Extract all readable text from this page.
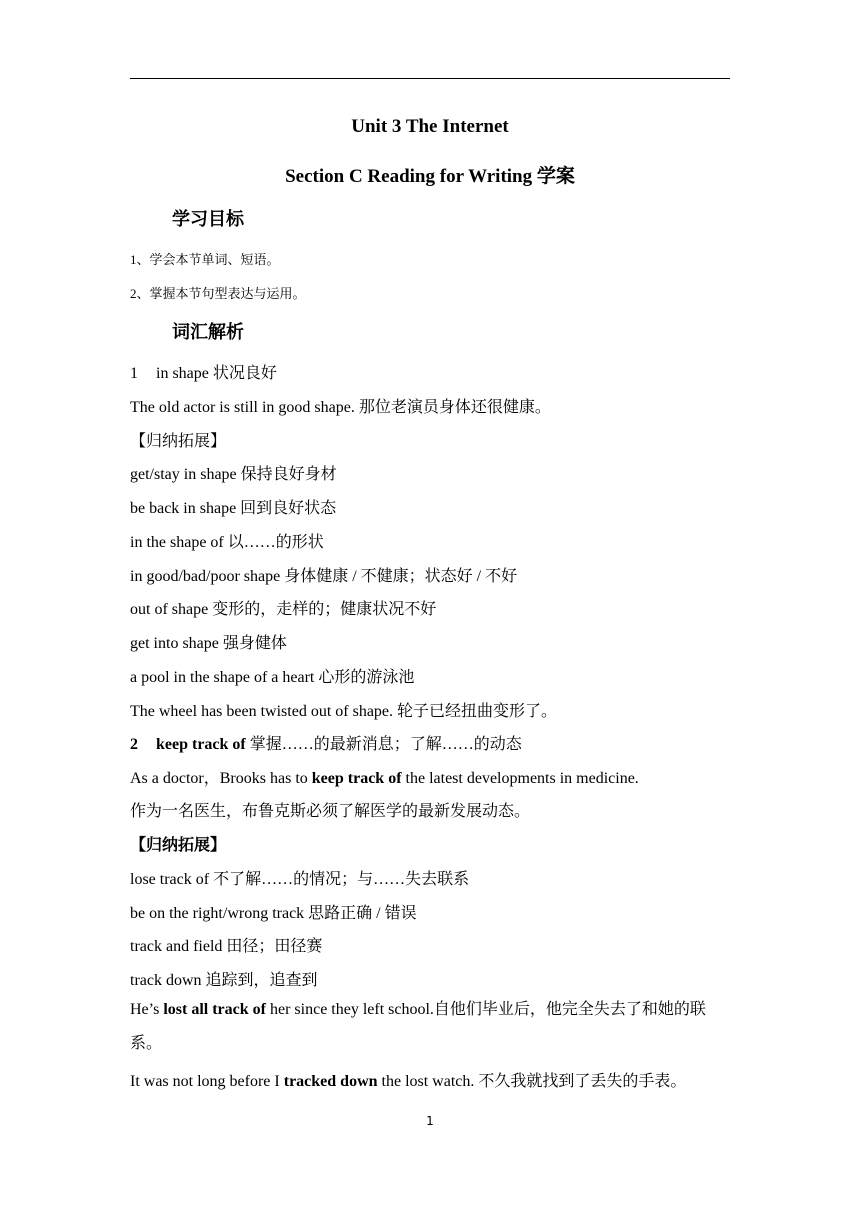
Unit 3 The Internet
Section C Reading for Writing 学案
学习目标
1、学会本节单词、短语。
2、掌握本节句型表达与运用。
词汇解析
1 in shape 状况良好
The old actor is still in good shape. 那位老演员身体还很健康。
【归纳拓展】
get/stay in shape 保持良好身材
be back in shape 回到良好状态
in the shape of 以……的形状
in good/bad/poor shape 身体健康 / 不健康；状态好 / 不好
out of shape 变形的，走样的；健康状况不好
get into shape 强身健体
a pool in the shape of a heart 心形的游泳池
The wheel has been twisted out of shape. 轮子已经扭曲变形了。
2 keep track of 掌握……的最新消息；了解……的动态
As a doctor，Brooks has to keep track of the latest developments in medicine.
作为一名医生，布鲁克斯必须了解医学的最新发展动态。
【归纳拓展】
lose track of 不了解……的情况；与……失去联系
be on the right/wrong track 思路正确 / 错误
track and field 田径；田径赛
track down 追踪到，追查到
He’s lost all track of her since they left school.自他们毕业后，他完全失去了和她的联系。
It was not long before I tracked down the lost watch. 不久我就找到了丢失的手表。
1
